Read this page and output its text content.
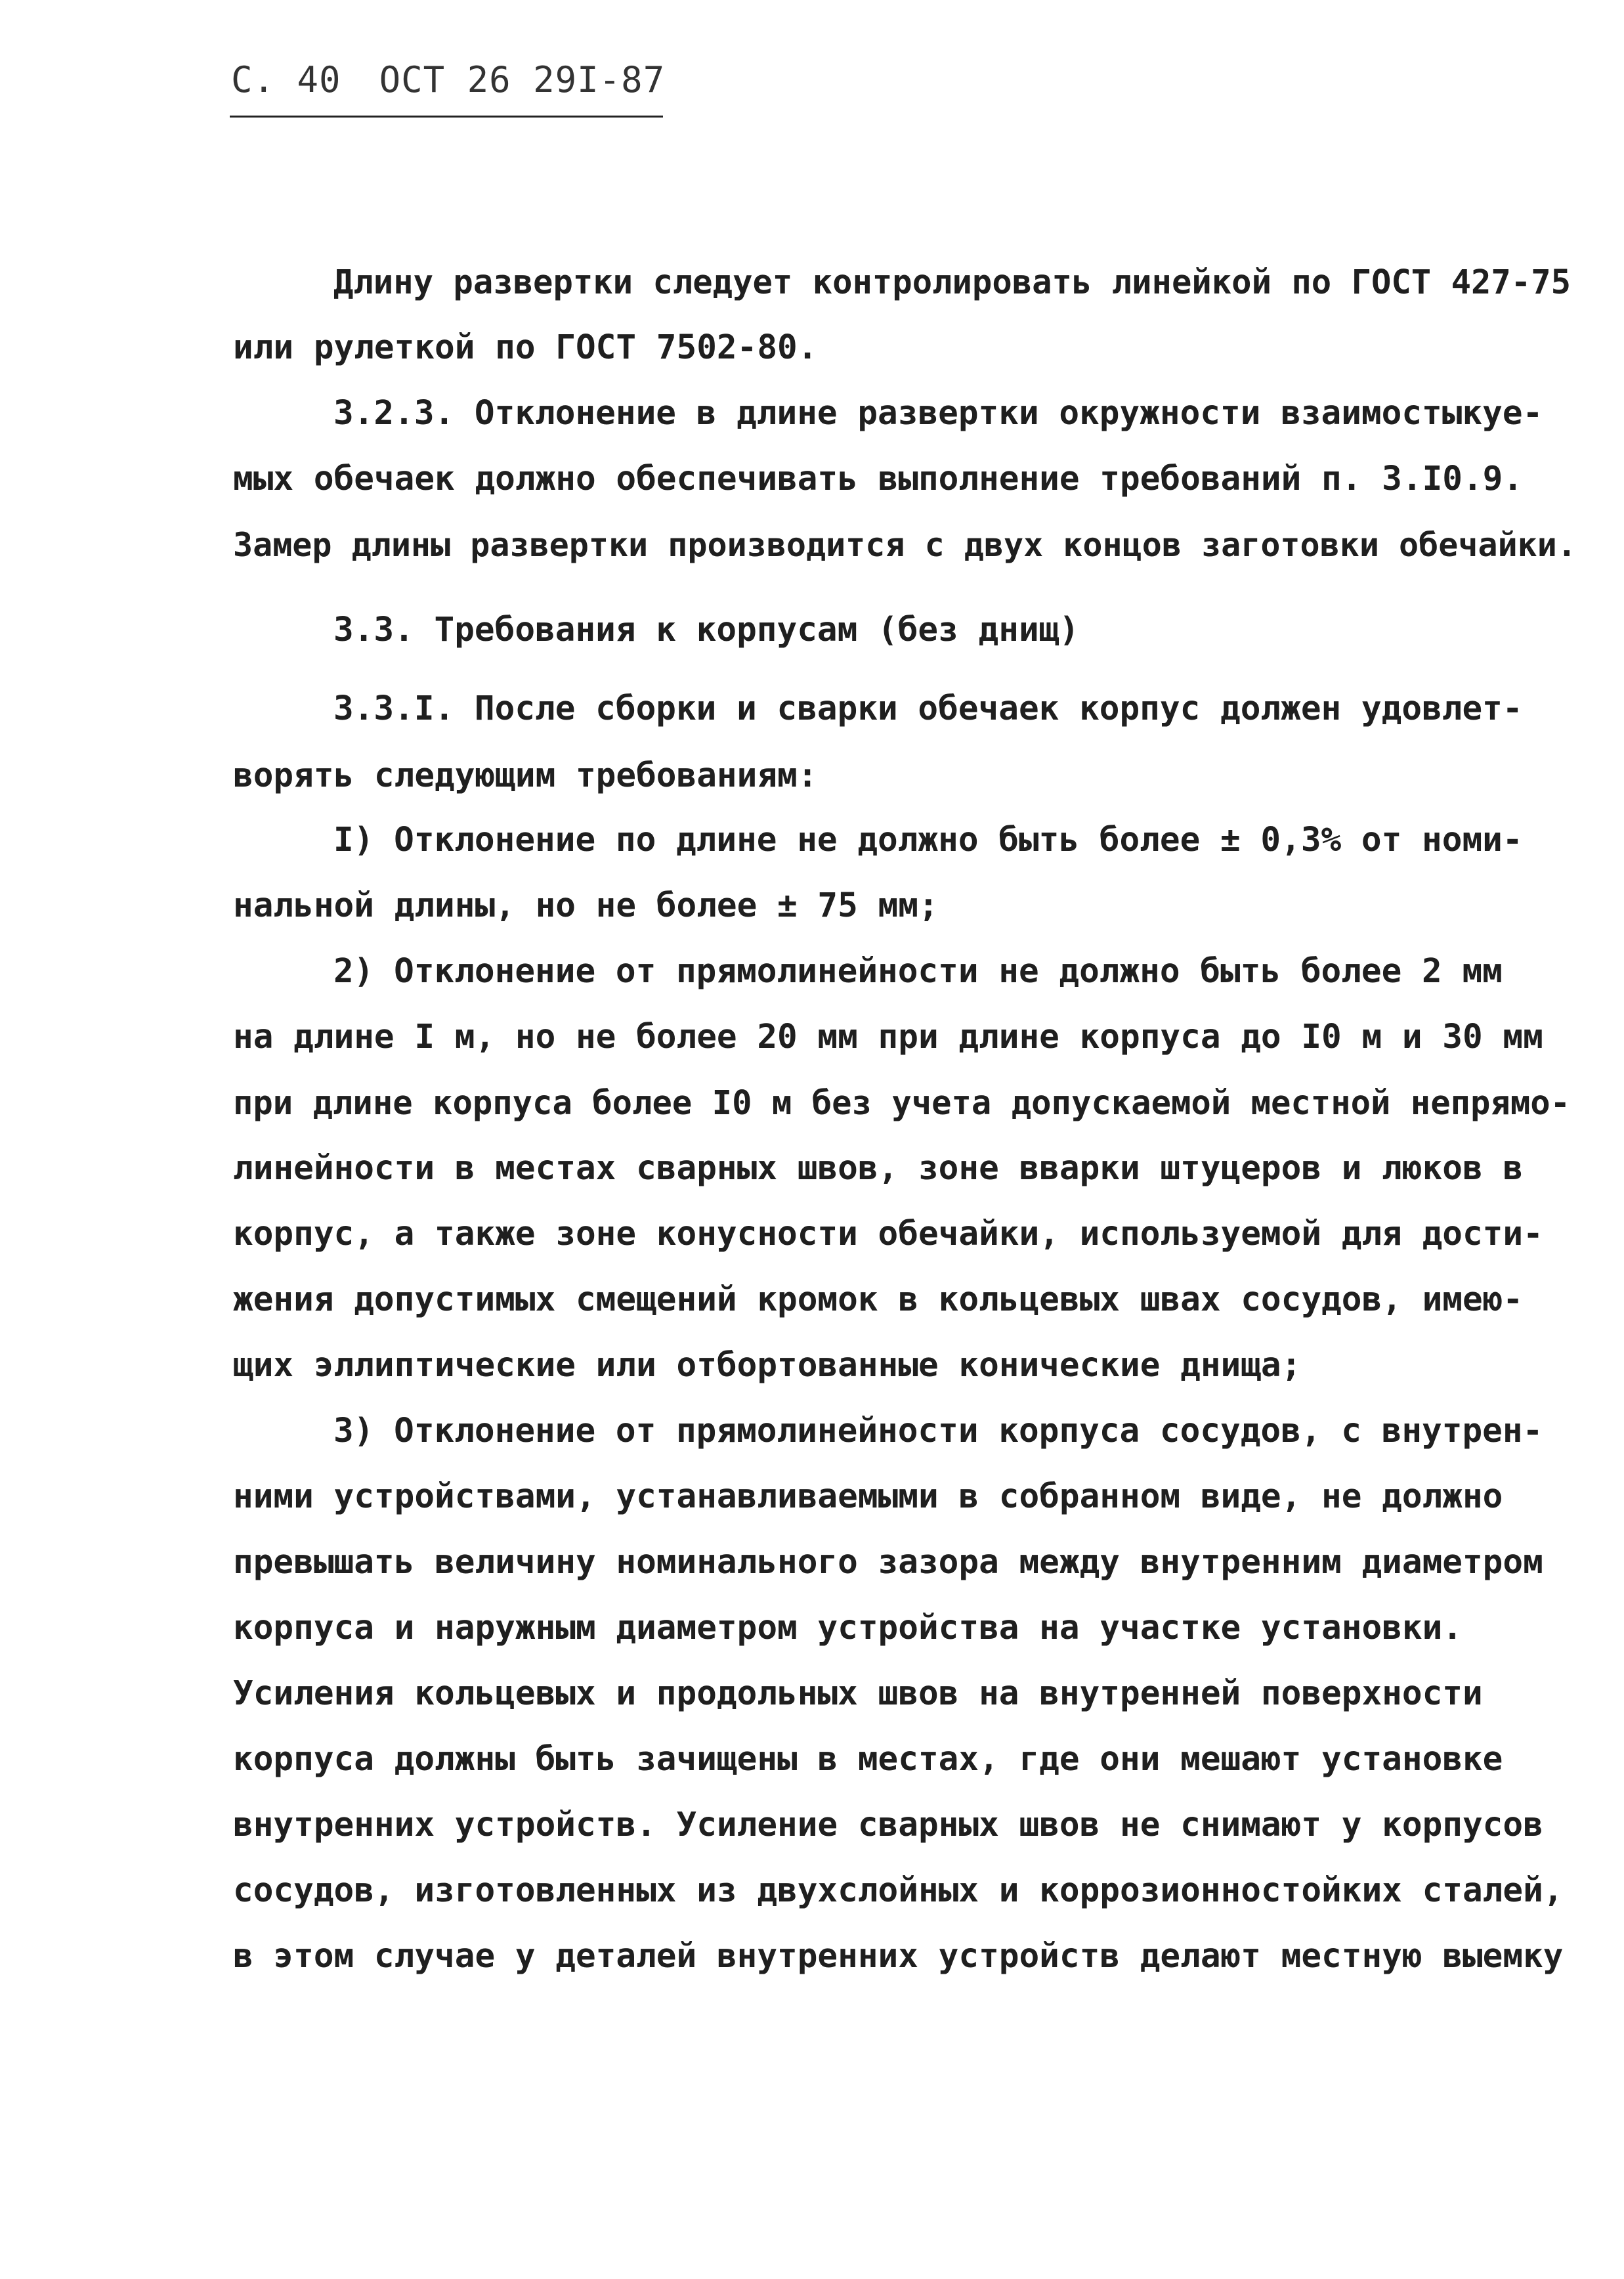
С. 40 ОСТ 26 29I-87
Длину развертки следует контролировать линейкой по ГОСТ 427-75
или рулеткой по ГОСТ 7502-80.
3.2.3. Отклонение в длине развертки окружности взаимостыкуе-
мых обечаек должно обеспечивать выполнение требований п. 3.I0.9.
Замер длины развертки производится с двух концов заготовки обечайки.
3.3. Требования к корпусам (без днищ)
3.3.I. После сборки и сварки обечаек корпус должен удовлет-
ворять следующим требованиям:
I) Отклонение по длине не должно быть более ± 0,3% от номи-
нальной длины, но не более ± 75 мм;
2) Отклонение от прямолинейности не должно быть более 2 мм
на длине I м, но не более 20 мм при длине корпуса до I0 м и 30 мм
при длине корпуса более I0 м без учета допускаемой местной непрямо-
линейности в местах сварных швов, зоне вварки штуцеров и люков в
корпус, а также зоне конусности обечайки, используемой для дости-
жения допустимых смещений кромок в кольцевых швах сосудов, имею-
щих эллиптические или отбортованные конические днища;
3) Отклонение от прямолинейности корпуса сосудов, с внутрен-
ними устройствами, устанавливаемыми в собранном виде, не должно
превышать величину номинального зазора между внутренним диаметром
корпуса и наружным диаметром устройства на участке установки.
Усиления кольцевых и продольных швов на внутренней поверхности
корпуса должны быть зачищены в местах, где они мешают установке
внутренних устройств. Усиление сварных швов не снимают у корпусов
сосудов, изготовленных из двухслойных и коррозионностойких сталей,
в этом случае у деталей внутренних устройств делают местную выемку
